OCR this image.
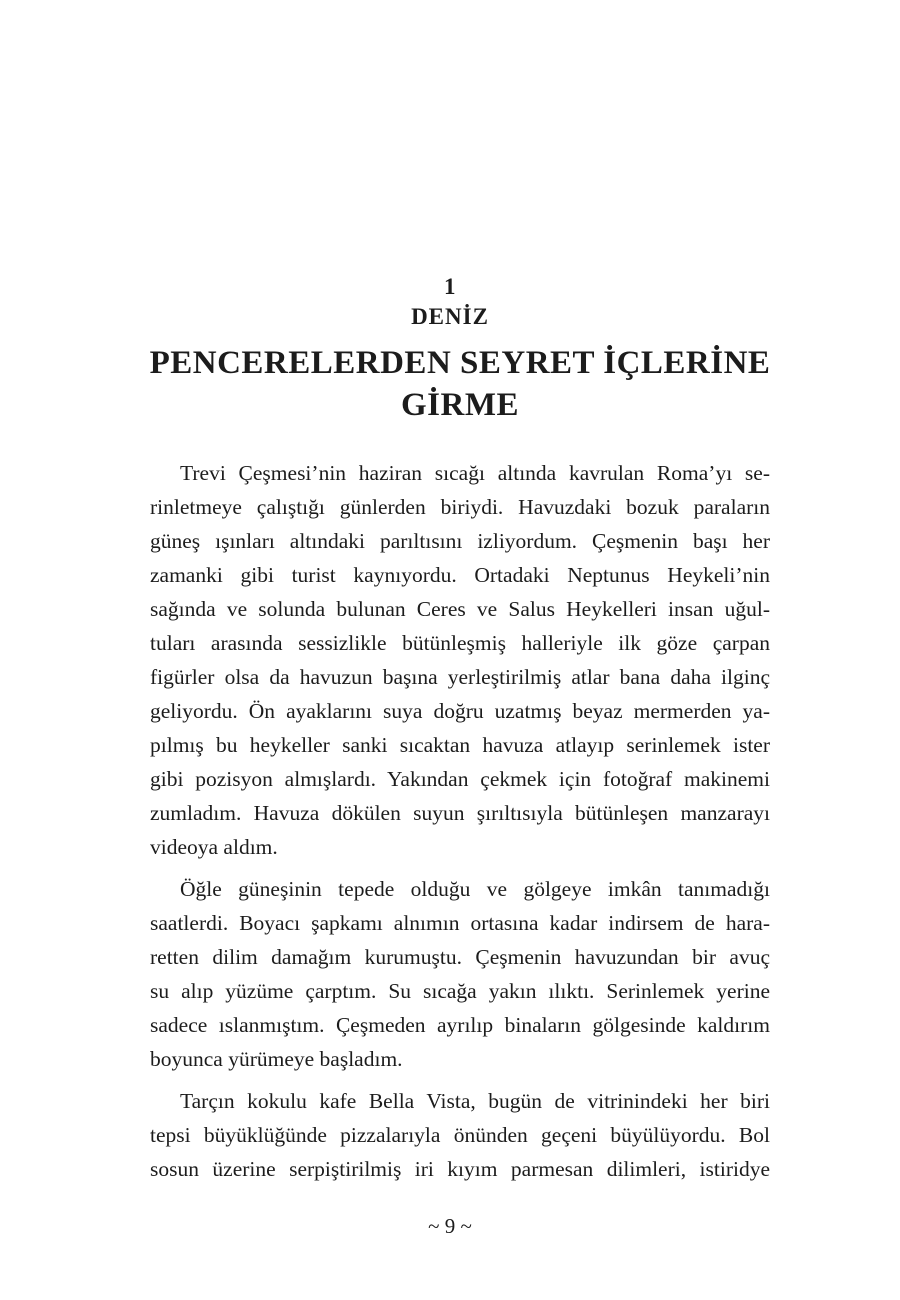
1
DENİZ
PENCERELERDEN SEYRET İÇLERİNE
GİRME
Trevi Çeşmesi’nin haziran sıcağı altında kavrulan Roma’yı se-
rinletmeye çalıştığı günlerden biriydi. Havuzdaki bozuk paraların
güneş ışınları altındaki parıltısını izliyordum. Çeşmenin başı her
zamanki gibi turist kaynıyordu. Ortadaki Neptunus Heykeli’nin
sağında ve solunda bulunan Ceres ve Salus Heykelleri insan uğul-
tuları arasında sessizlikle bütünleşmiş halleriyle ilk göze çarpan
figürler olsa da havuzun başına yerleştirilmiş atlar bana daha ilginç
geliyordu. Ön ayaklarını suya doğru uzatmış beyaz mermerden ya-
pılmış bu heykeller sanki sıcaktan havuza atlayıp serinlemek ister
gibi pozisyon almışlardı. Yakından çekmek için fotoğraf makinemi
zumladım. Havuza dökülen suyun şırıltısıyla bütünleşen manzarayı
videoya aldım.
Öğle güneşinin tepede olduğu ve gölgeye imkân tanımadığı
saatlerdi. Boyacı şapkamı alnımın ortasına kadar indirsem de hara-
retten dilim damağım kurumuştu. Çeşmenin havuzundan bir avuç
su alıp yüzüme çarptım. Su sıcağa yakın ılıktı. Serinlemek yerine
sadece ıslanmıştım. Çeşmeden ayrılıp binaların gölgesinde kaldırım
boyunca yürümeye başladım.
Tarçın kokulu kafe Bella Vista, bugün de vitrinindeki her biri
tepsi büyüklüğünde pizzalarıyla önünden geçeni büyülüyordu. Bol
sosun üzerine serpiştirilmiş iri kıyım parmesan dilimleri, istiridye
~ 9 ~
